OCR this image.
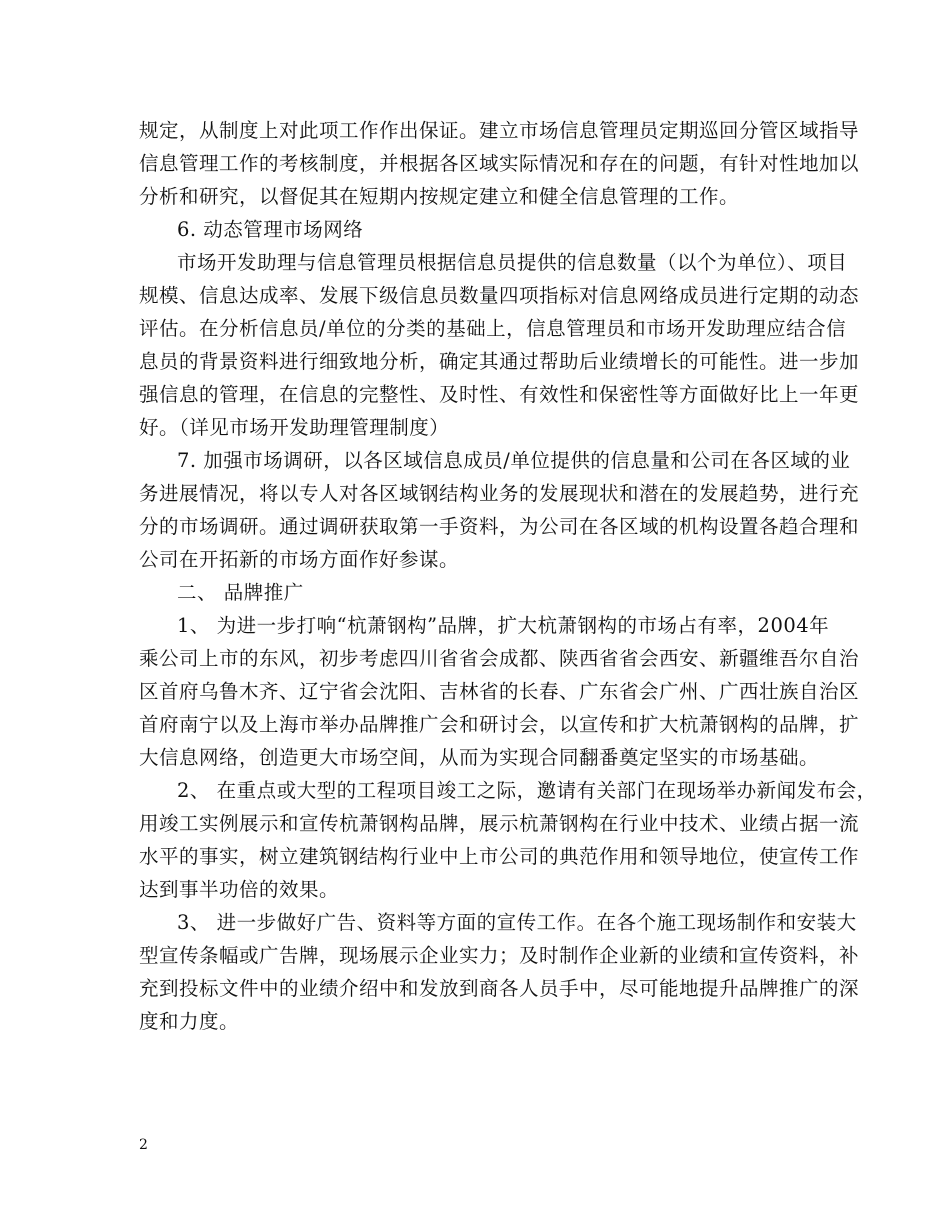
规定，从制度上对此项工作作出保证。建立市场信息管理员定期巡回分管区域指导
信息管理工作的考核制度，并根据各区域实际情况和存在的问题，有针对性地加以
分析和研究，以督促其在短期内按规定建立和健全信息管理的工作。
6. 动态管理市场网络
市场开发助理与信息管理员根据信息员提供的信息数量（以个为单位）、项目
规模、信息达成率、发展下级信息员数量四项指标对信息网络成员进行定期的动态
评估。在分析信息员/单位的分类的基础上，信息管理员和市场开发助理应结合信
息员的背景资料进行细致地分析，确定其通过帮助后业绩增长的可能性。进一步加
强信息的管理，在信息的完整性、及时性、有效性和保密性等方面做好比上一年更
好。（详见市场开发助理管理制度）
7. 加强市场调研，以各区域信息成员/单位提供的信息量和公司在各区域的业
务进展情况，将以专人对各区域钢结构业务的发展现状和潜在的发展趋势，进行充
分的市场调研。通过调研获取第一手资料，为公司在各区域的机构设置各趋合理和
公司在开拓新的市场方面作好参谋。
二、 品牌推广
1、 为进一步打响“杭萧钢构”品牌，扩大杭萧钢构的市场占有率，2004年
乘公司上市的东风，初步考虑四川省省会成都、陕西省省会西安、新疆维吾尔自治
区首府乌鲁木齐、辽宁省会沈阳、吉林省的长春、广东省会广州、广西壮族自治区
首府南宁以及上海市举办品牌推广会和研讨会，以宣传和扩大杭萧钢构的品牌，扩
大信息网络，创造更大市场空间，从而为实现合同翻番奠定坚实的市场基础。
2、 在重点或大型的工程项目竣工之际，邀请有关部门在现场举办新闻发布会，
用竣工实例展示和宣传杭萧钢构品牌，展示杭萧钢构在行业中技术、业绩占据一流
水平的事实，树立建筑钢结构行业中上市公司的典范作用和领导地位，使宣传工作
达到事半功倍的效果。
3、 进一步做好广告、资料等方面的宣传工作。在各个施工现场制作和安装大
型宣传条幅或广告牌，现场展示企业实力；及时制作企业新的业绩和宣传资料，补
充到投标文件中的业绩介绍中和发放到商各人员手中，尽可能地提升品牌推广的深
度和力度。
2
